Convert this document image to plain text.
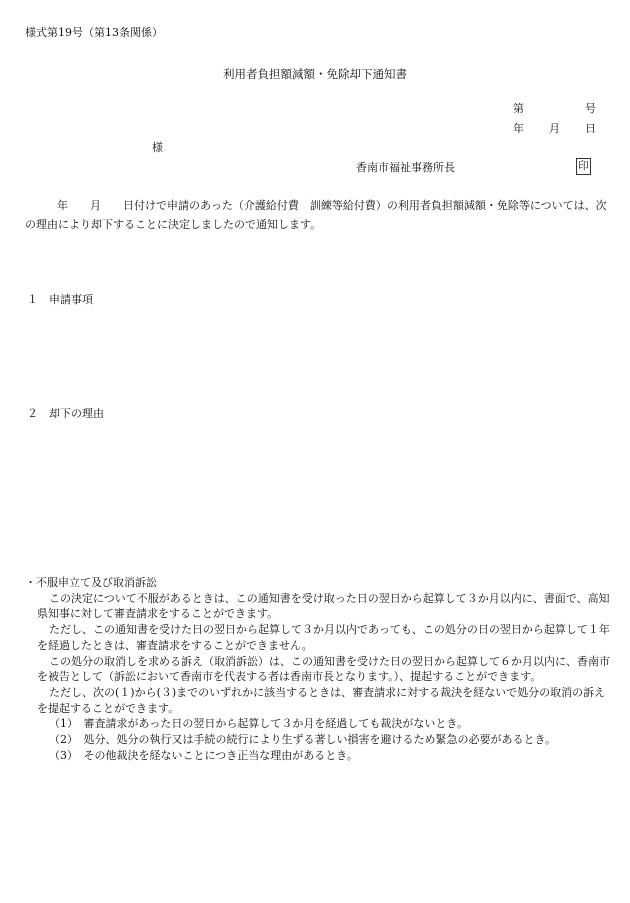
様式第19号（第13条関係）
利用者負担額減額・免除却下通知書
第	号
年 月 日
様
香南市福祉事務所長	印
年　　月　　日付けで申請のあった（介護給付費　訓練等給付費）の利用者負担額減額・免除等については、次の理由により却下することに決定しましたので通知します。
１　申請事項
２　却下の理由

・不服申立て及び取消訴訟

この決定について不服があるときは、この通知書を受け取った日の翌日から起算して３か月以内に、書面で、高知県知事に対して審査請求をすることができます。

ただし、この通知書を受けた日の翌日から起算して３か月以内であっても、この処分の日の翌日から起算して１年を経過したときは、審査請求をすることができません。

この処分の取消しを求める訴え（取消訴訟）は、この通知書を受けた日の翌日から起算して６か月以内に、香南市を被告として（訴訟において香南市を代表する者は香南市長となります。）、提起することができます。

ただし、次の(１)から(３)までのいずれかに該当するときは、審査請求に対する裁決を経ないで処分の取消の訴えを提起することができます。

（1）　審査請求があった日の翌日から起算して３か月を経過しても裁決がないとき。

（2）　処分、処分の執行又は手続の続行により生ずる著しい損害を避けるため緊急の必要があるとき。

（3）　その他裁決を経ないことにつき正当な理由があるとき。
